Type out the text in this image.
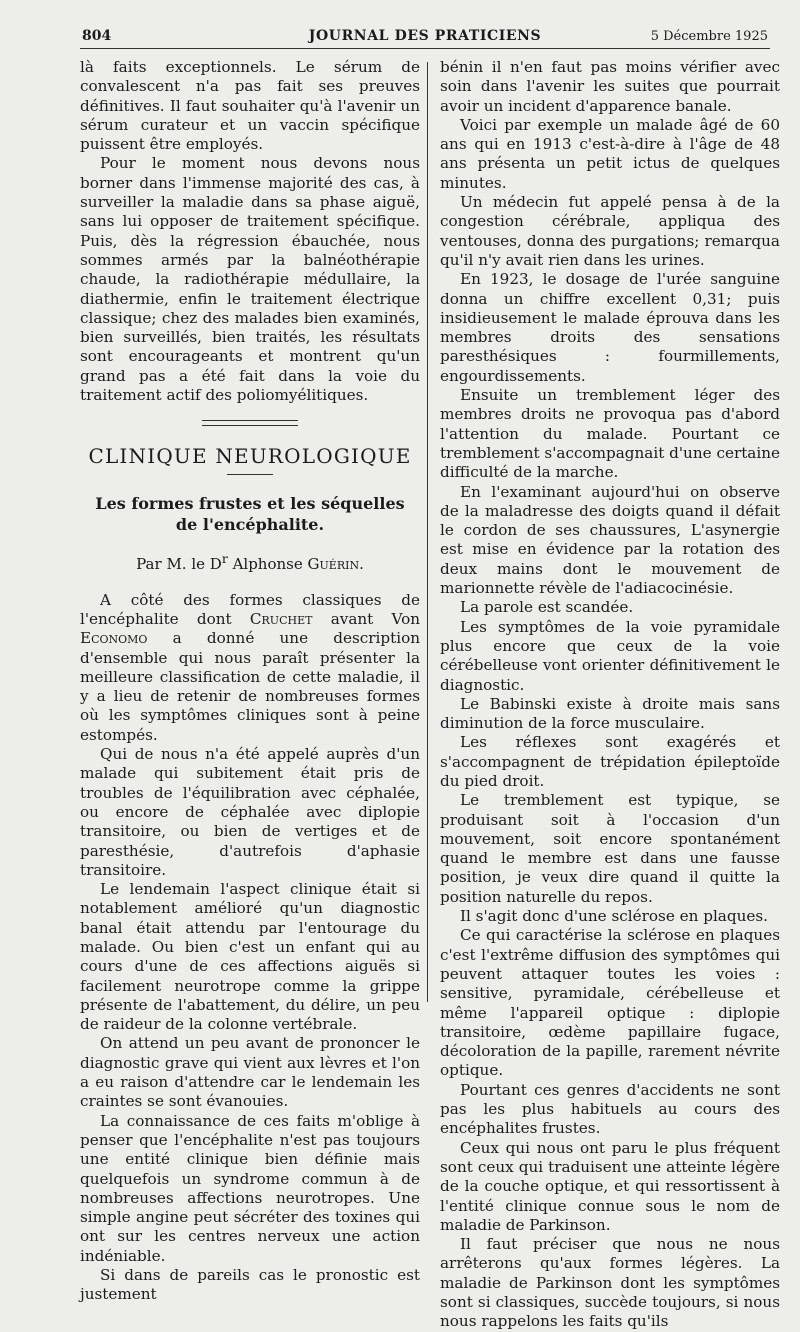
804	JOURNAL DES PRATICIENS	5 Décembre 1925

là faits exceptionnels. Le sérum de convalescent n'a pas fait ses preuves définitives. Il faut souhaiter qu'à l'avenir un sérum curateur et un vaccin spécifique puissent être employés.

Pour le moment nous devons nous borner dans l'immense majorité des cas, à surveiller la maladie dans sa phase aiguë, sans lui opposer de traitement spécifique. Puis, dès la régression ébauchée, nous sommes armés par la balnéothérapie chaude, la radiothérapie médullaire, la diathermie, enfin le traitement électrique classique; chez des malades bien examinés, bien surveillés, bien traités, les résultats sont encourageants et montrent qu'un grand pas a été fait dans la voie du traitement actif des poliomyélitiques.

CLINIQUE NEUROLOGIQUE
Les formes frustes et les séquelles
de l'encéphalite.
Par M. le $D^r$ Alphonse Guérin.

A côté des formes classiques de l'encéphalite dont Cruchet avant Von Economo a donné une description d'ensemble qui nous paraît présenter la meilleure classification de cette maladie, il y a lieu de retenir de nombreuses formes où les symptômes cliniques sont à peine estompés.

Qui de nous n'a été appelé auprès d'un malade qui subitement était pris de troubles de l'équilibration avec céphalée, ou encore de céphalée avec diplopie transitoire, ou bien de vertiges et de paresthésie, d'autrefois d'aphasie transitoire.

Le lendemain l'aspect clinique était si notablement amélioré qu'un diagnostic banal était attendu par l'entourage du malade. Ou bien c'est un enfant qui au cours d'une de ces affections aiguës si facilement neurotrope comme la grippe présente de l'abattement, du délire, un peu de raideur de la colonne vertébrale.

On attend un peu avant de prononcer le diagnostic grave qui vient aux lèvres et l'on a eu raison d'attendre car le lendemain les craintes se sont évanouies.

La connaissance de ces faits m'oblige à penser que l'encéphalite n'est pas toujours une entité clinique bien définie mais quelquefois un syndrome commun à de nombreuses affections neurotropes. Une simple angine peut sécréter des toxines qui ont sur les centres nerveux une action indéniable.

Si dans de pareils cas le pronostic est justement

bénin il n'en faut pas moins vérifier avec soin dans l'avenir les suites que pourrait avoir un incident d'apparence banale.

Voici par exemple un malade âgé de 60 ans qui en 1913 c'est-à-dire à l'âge de 48 ans présenta un petit ictus de quelques minutes.

Un médecin fut appelé pensa à de la congestion cérébrale, appliqua des ventouses, donna des purgations; remarqua qu'il n'y avait rien dans les urines.

En 1923, le dosage de l'urée sanguine donna un chiffre excellent 0,31; puis insidieusement le malade éprouva dans les membres droits des sensations paresthésiques : fourmillements, engourdissements.

Ensuite un tremblement léger des membres droits ne provoqua pas d'abord l'attention du malade. Pourtant ce tremblement s'accompagnait d'une certaine difficulté de la marche.

En l'examinant aujourd'hui on observe de la maladresse des doigts quand il défait le cordon de ses chaussures, L'asynergie est mise en évidence par la rotation des deux mains dont le mouvement de marionnette révèle de l'adiacocinésie.

La parole est scandée.

Les symptômes de la voie pyramidale plus encore que ceux de la voie cérébelleuse vont orienter définitivement le diagnostic.

Le Babinski existe à droite mais sans diminution de la force musculaire.

Les réflexes sont exagérés et s'accompagnent de trépidation épileptoïde du pied droit.

Le tremblement est typique, se produisant soit à l'occasion d'un mouvement, soit encore spontanément quand le membre est dans une fausse position, je veux dire quand il quitte la position naturelle du repos.

Il s'agit donc d'une sclérose en plaques.

Ce qui caractérise la sclérose en plaques c'est l'extrême diffusion des symptômes qui peuvent attaquer toutes les voies : sensitive, pyramidale, cérébelleuse et même l'appareil optique : diplopie transitoire, œdème papillaire fugace, décoloration de la papille, rarement névrite optique.

Pourtant ces genres d'accidents ne sont pas les plus habituels au cours des encéphalites frustes.

Ceux qui nous ont paru le plus fréquent sont ceux qui traduisent une atteinte légère de la couche optique, et qui ressortissent à l'entité clinique connue sous le nom de maladie de Parkinson.

Il faut préciser que nous ne nous arrêterons qu'aux formes légères. La maladie de Parkinson dont les symptômes sont si classiques, succède toujours, si nous nous rappelons les faits qu'ils
